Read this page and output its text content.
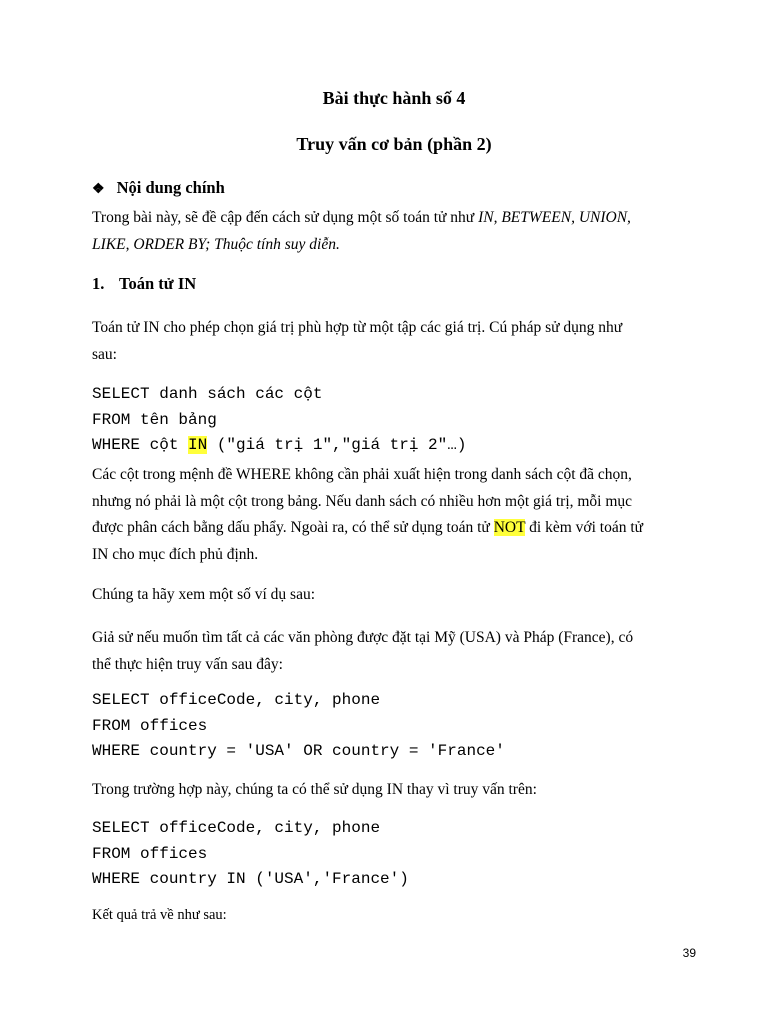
Bài thực hành số 4
Truy vấn cơ bản (phần 2)
❖ Nội dung chính
Trong bài này, sẽ đề cập đến cách sử dụng một số toán tử như IN, BETWEEN, UNION,
LIKE, ORDER BY; Thuộc tính suy diễn.
1. Toán tử IN
Toán tử IN cho phép chọn giá trị phù hợp từ một tập các giá trị. Cú pháp sử dụng như
sau:
SELECT danh sách các cột
FROM tên bảng
WHERE cột IN ("giá trị 1","giá trị 2"…)
Các cột trong mệnh đề WHERE không cần phải xuất hiện trong danh sách cột đã chọn,
nhưng nó phải là một cột trong bảng. Nếu danh sách có nhiều hơn một giá trị, mỗi mục
được phân cách bằng dấu phẩy. Ngoài ra, có thể sử dụng toán tử NOT đi kèm với toán tử
IN cho mục đích phủ định.
Chúng ta hãy xem một số ví dụ sau:
Giả sử nếu muốn tìm tất cả các văn phòng được đặt tại Mỹ (USA) và Pháp (France), có
thể thực hiện truy vấn sau đây:
SELECT officeCode, city, phone
FROM offices
WHERE country = 'USA' OR country = 'France'
Trong trường hợp này, chúng ta có thể sử dụng IN thay vì truy vấn trên:
SELECT officeCode, city, phone
FROM offices
WHERE country IN ('USA','France')
Kết quả trả về như sau:
39
